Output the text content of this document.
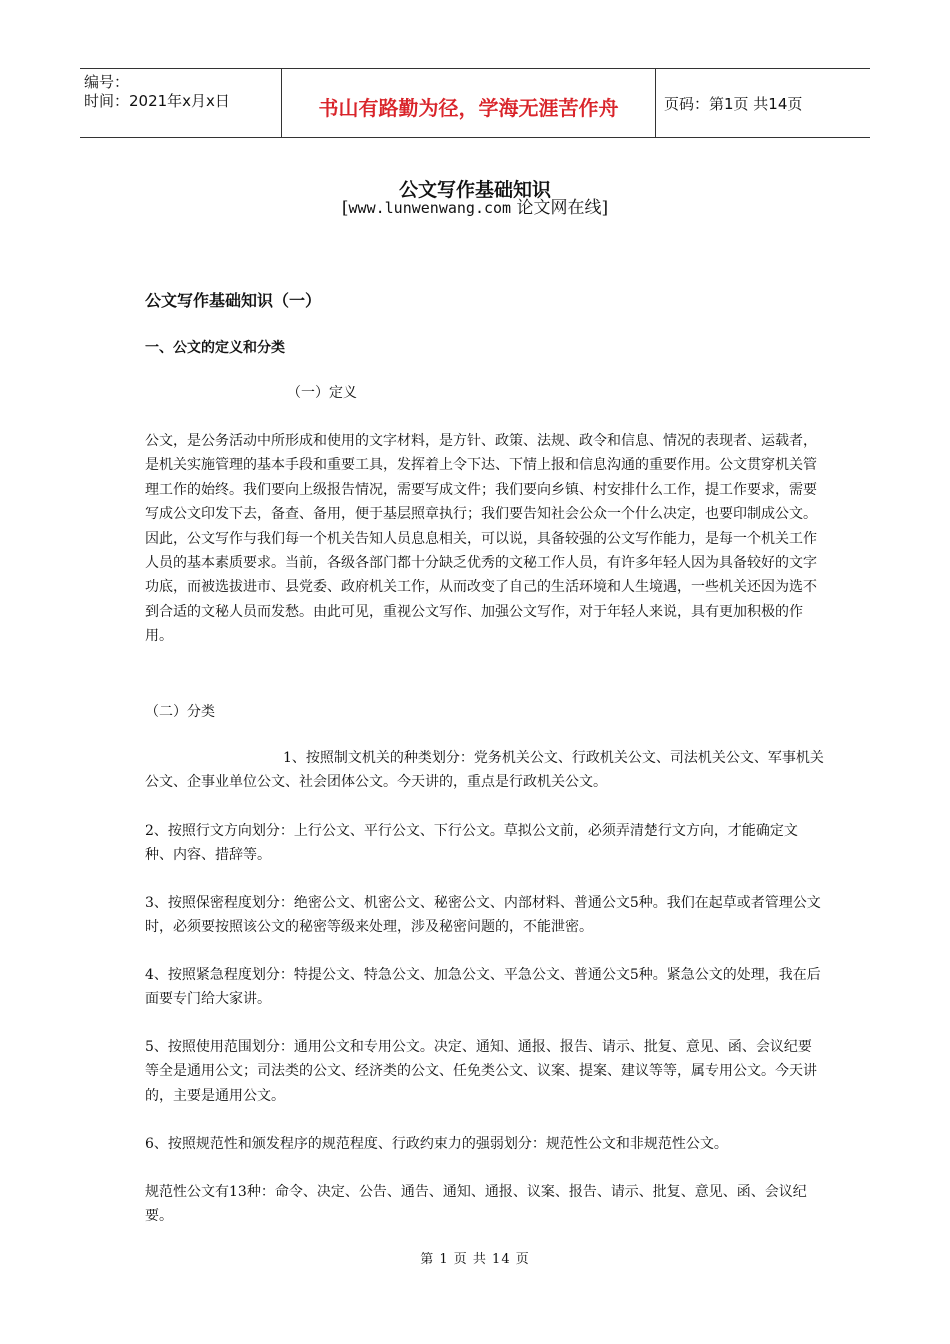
编号：
时间：2021年x月x日	书山有路勤为径，学海无涯苦作舟	页码：第1页 共14页
公文写作基础知识
[www.lunwenwang.com 论文网在线]
公文写作基础知识（一）
一、公文的定义和分类

（一）定义

公文，是公务活动中所形成和使用的文字材料，是方针、政策、法规、政令和信息、情况的表现者、运载者，是机关实施管理的基本手段和重要工具，发挥着上令下达、下情上报和信息沟通的重要作用。公文贯穿机关管理工作的始终。我们要向上级报告情况，需要写成文件；我们要向乡镇、村安排什么工作，提工作要求，需要写成公文印发下去，备查、备用，便于基层照章执行；我们要告知社会公众一个什么决定，也要印制成公文。因此，公文写作与我们每一个机关告知人员息息相关，可以说，具备较强的公文写作能力，是每一个机关工作人员的基本素质要求。当前，各级各部门都十分缺乏优秀的文秘工作人员，有许多年轻人因为具备较好的文字功底，而被选拔进市、县党委、政府机关工作，从而改变了自己的生活环境和人生境遇，一些机关还因为选不到合适的文秘人员而发愁。由此可见，重视公文写作、加强公文写作，对于年轻人来说，具有更加积极的作用。

（二）分类

1、按照制文机关的种类划分：党务机关公文、行政机关公文、司法机关公文、军事机关公文、企事业单位公文、社会团体公文。今天讲的，重点是行政机关公文。

2、按照行文方向划分：上行公文、平行公文、下行公文。草拟公文前，必须弄清楚行文方向，才能确定文种、内容、措辞等。

3、按照保密程度划分：绝密公文、机密公文、秘密公文、内部材料、普通公文5种。我们在起草或者管理公文时，必须要按照该公文的秘密等级来处理，涉及秘密问题的，不能泄密。

4、按照紧急程度划分：特提公文、特急公文、加急公文、平急公文、普通公文5种。紧急公文的处理，我在后面要专门给大家讲。

5、按照使用范围划分：通用公文和专用公文。决定、通知、通报、报告、请示、批复、意见、函、会议纪要等全是通用公文；司法类的公文、经济类的公文、任免类公文、议案、提案、建议等等，属专用公文。今天讲的，主要是通用公文。

6、按照规范性和颁发程序的规范程度、行政约束力的强弱划分：规范性公文和非规范性公文。

规范性公文有13种：命令、决定、公告、通告、通知、通报、议案、报告、请示、批复、意见、函、会议纪要。

第 1 页 共 14 页
